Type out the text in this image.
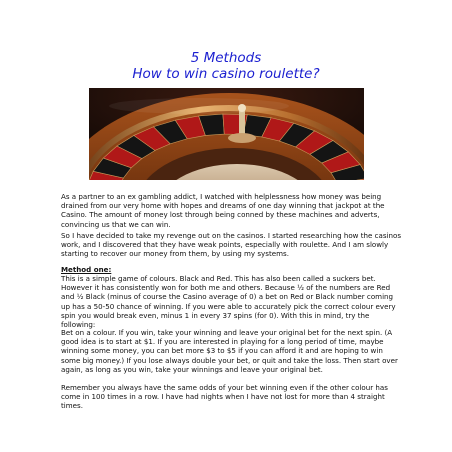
5 Methods
How to win casino roulette?

As a partner to an ex gambling addict, I watched with helplessness how money was being drained from our very home with hopes and dreams of one day winning that jackpot at the Casino. The amount of money lost through being conned by these machines and adverts, convincing us that we can win.

So I have decided to take my revenge out on the casinos. I started researching how the casinos work, and I discovered that they have weak points, especially with roulette. And I am slowly starting to recover our money from them, by using my systems.

Method one:

This is a simple game of colours. Black and Red. This has also been called a suckers bet. However it has consistently won for both me and others. Because ½ of the numbers are Red and ½ Black (minus of course the Casino average of 0) a bet on Red or Black number coming up has a 50-50 chance of winning. If you were able to accurately pick the correct colour every spin you would break even, minus 1 in every 37 spins (for 0). With this in mind, try the following:

Bet on a colour. If you win, take your winning and leave your original bet for the next spin. (A good idea is to start at $1. If you are interested in playing for a long period of time, maybe winning some money, you can bet more $3 to $5 if you can afford it and are hoping to win some big money.) If you lose always double your bet, or quit and take the loss. Then start over again, as long as you win, take your winnings and leave your original bet.

Remember you always have the same odds of your bet winning even if the other colour has come in 100 times in a row. I have had nights when I have not lost for more than 4 straight times.
